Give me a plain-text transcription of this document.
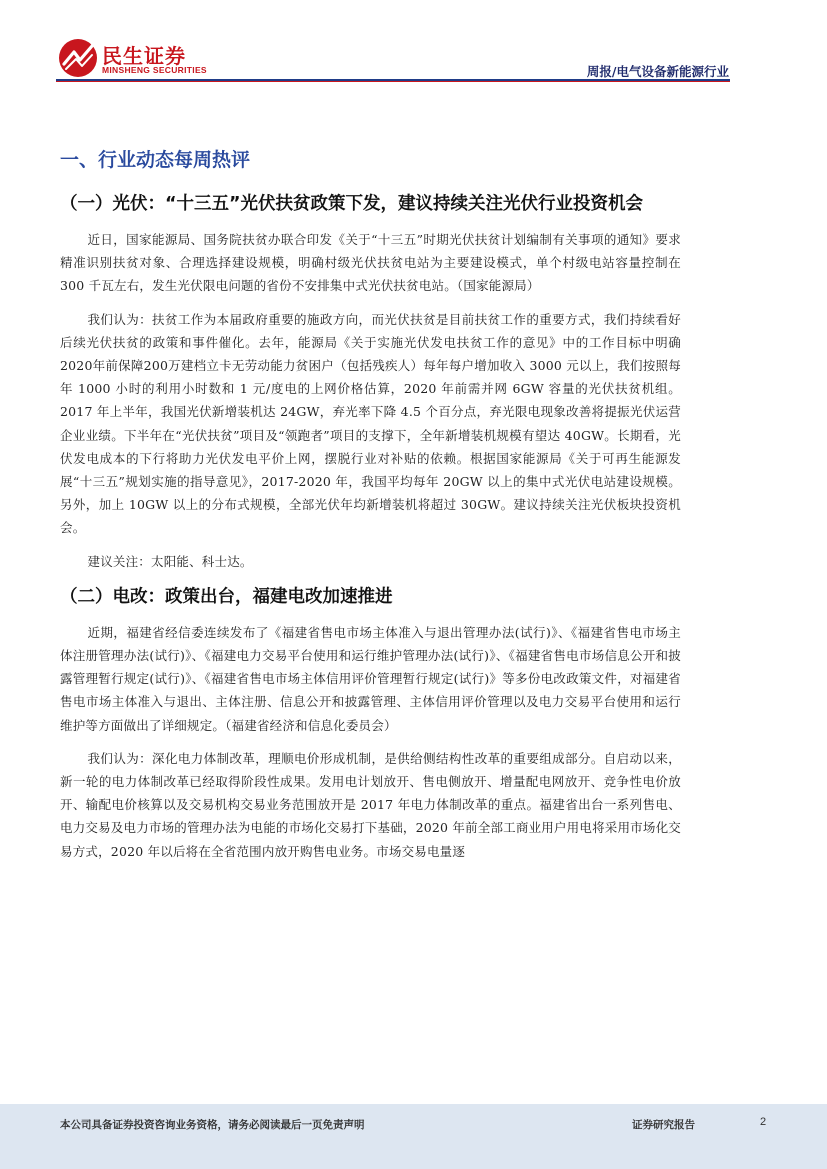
民生证券
MINSHENG SECURITIES	周报/电气设备新能源行业
一、行业动态每周热评
（一）光伏：“十三五”光伏扶贫政策下发，建议持续关注光伏行业投资机会

近日，国家能源局、国务院扶贫办联合印发《关于“十三五”时期光伏扶贫计划编制有关事项的通知》要求精准识别扶贫对象、合理选择建设规模，明确村级光伏扶贫电站为主要建设模式，单个村级电站容量控制在 300 千瓦左右，发生光伏限电问题的省份不安排集中式光伏扶贫电站。（国家能源局）

我们认为：扶贫工作为本届政府重要的施政方向，而光伏扶贫是目前扶贫工作的重要方式，我们持续看好后续光伏扶贫的政策和事件催化。去年，能源局《关于实施光伏发电扶贫工作的意见》中的工作目标中明确2020年前保障200万建档立卡无劳动能力贫困户（包括残疾人）每年每户增加收入 3000 元以上，我们按照每年 1000 小时的利用小时数和 1 元/度电的上网价格估算，2020 年前需并网 6GW 容量的光伏扶贫机组。2017 年上半年，我国光伏新增装机达 24GW，弃光率下降 4.5 个百分点，弃光限电现象改善将提振光伏运营企业业绩。下半年在“光伏扶贫”项目及“领跑者”项目的支撑下，全年新增装机规模有望达 40GW。长期看，光伏发电成本的下行将助力光伏发电平价上网，摆脱行业对补贴的依赖。根据国家能源局《关于可再生能源发展“十三五”规划实施的指导意见》，2017-2020 年，我国平均每年 20GW 以上的集中式光伏电站建设规模。另外，加上 10GW 以上的分布式规模，全部光伏年均新增装机将超过 30GW。建议持续关注光伏板块投资机会。

建议关注：太阳能、科士达。

（二）电改：政策出台，福建电改加速推进

近期，福建省经信委连续发布了《福建省售电市场主体准入与退出管理办法(试行)》、《福建省售电市场主体注册管理办法(试行)》、《福建电力交易平台使用和运行维护管理办法(试行)》、《福建省售电市场信息公开和披露管理暂行规定(试行)》、《福建省售电市场主体信用评价管理暂行规定(试行)》等多份电改政策文件，对福建省售电市场主体准入与退出、主体注册、信息公开和披露管理、主体信用评价管理以及电力交易平台使用和运行维护等方面做出了详细规定。（福建省经济和信息化委员会）

我们认为：深化电力体制改革，理顺电价形成机制，是供给侧结构性改革的重要组成部分。自启动以来，新一轮的电力体制改革已经取得阶段性成果。发用电计划放开、售电侧放开、增量配电网放开、竞争性电价放开、输配电价核算以及交易机构交易业务范围放开是 2017 年电力体制改革的重点。福建省出台一系列售电、电力交易及电力市场的管理办法为电能的市场化交易打下基础，2020 年前全部工商业用户用电将采用市场化交易方式，2020 年以后将在全省范围内放开购售电业务。市场交易电量逐

本公司具备证券投资咨询业务资格，请务必阅读最后一页免责声明	证券研究报告	2
